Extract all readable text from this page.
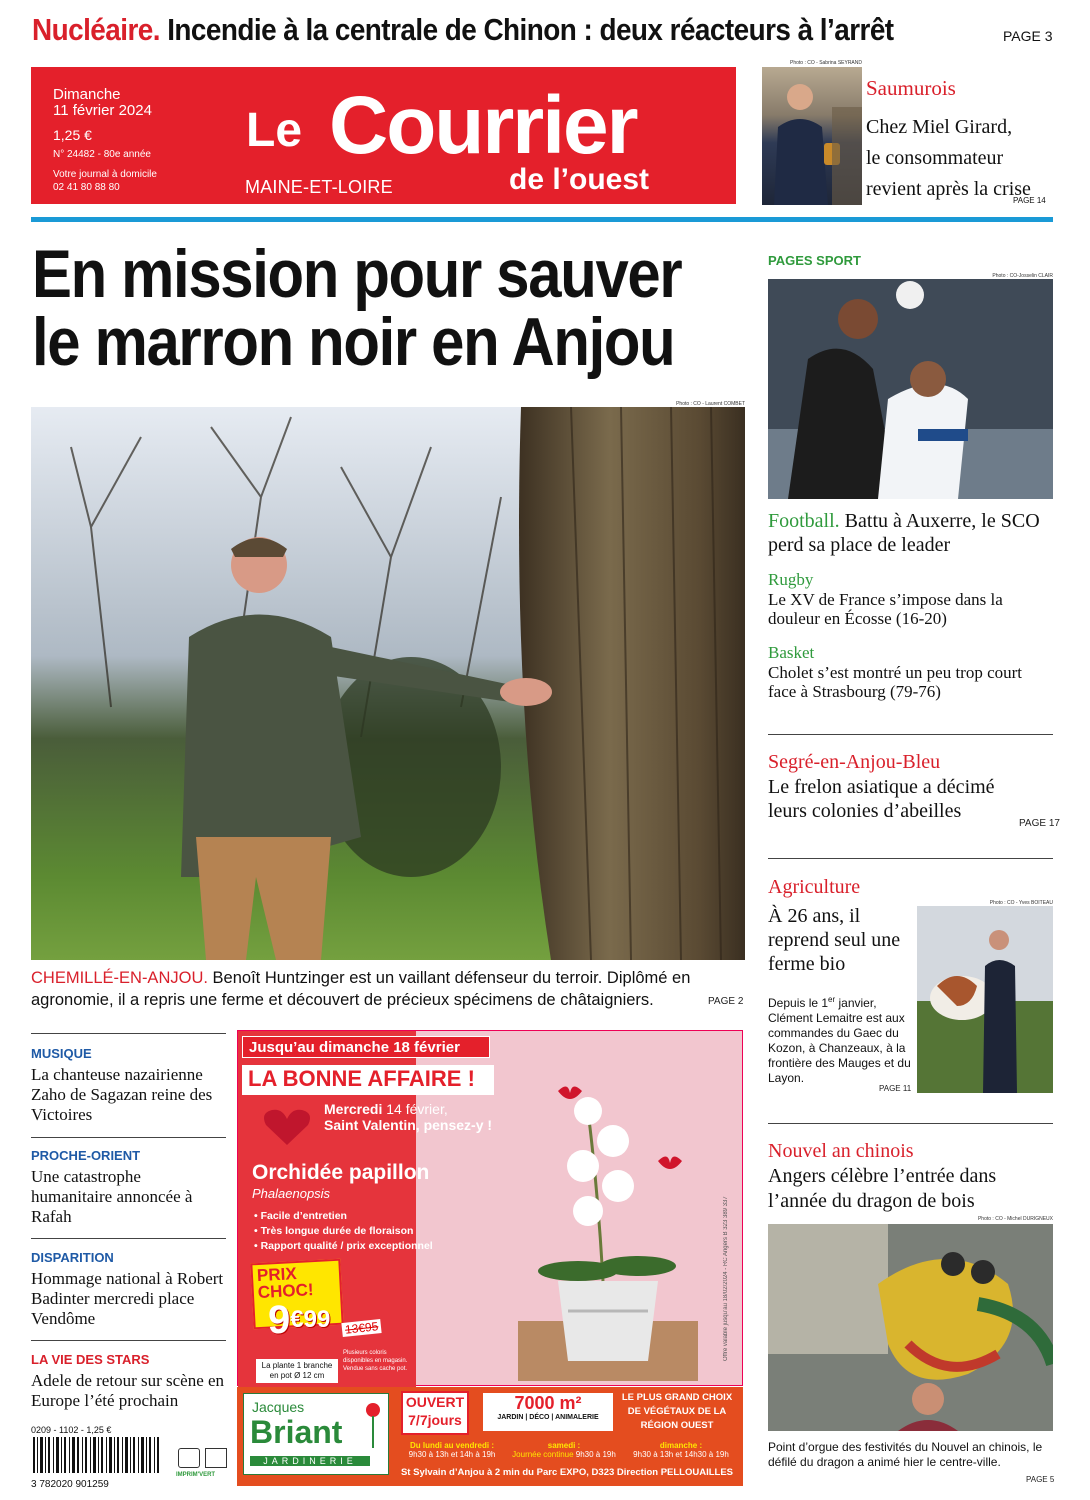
Nucléaire. Incendie à la centrale de Chinon : deux réacteurs à l’arrêt	PAGE 3
Dimanche
11 février 2024
1,25 €
N° 24482 - 80e année
Votre journal à domicile
02 41 80 88 80
Le Courrier
de l’ouest
MAINE-ET-LOIRE
Photo : CO - Sabrina SEYRAND
Saumurois
Chez Miel Girard,
le consommateur
revient après la crise
PAGE 14
En mission pour sauver
le marron noir en Anjou
Photo : CO - Laurent COMBET
CHEMILLÉ-EN-ANJOU. Benoît Huntzinger est un vaillant défenseur du terroir. Diplômé en agronomie, il a repris une ferme et découvert de précieux spécimens de châtaigniers.	PAGE 2
PAGES SPORT
Photo : CO-Josselin CLAIR
Football. Battu à Auxerre, le SCO perd sa place de leader
Rugby
Le XV de France s’impose dans la douleur en Écosse (16-20)
Basket
Cholet s’est montré un peu trop court face à Strasbourg (79-76)
Segré-en-Anjou-Bleu
Le frelon asiatique a décimé leurs colonies d’abeilles
PAGE 17
Agriculture
À 26 ans, il reprend seul une ferme bio
Depuis le 1er janvier, Clément Lemaitre est aux commandes du Gaec du Kozon, à Chanzeaux, à la frontière des Mauges et du Layon.
Photo : CO - Yves BOITEAU
PAGE 11
Nouvel an chinois
Angers célèbre l’entrée dans l’année du dragon de bois
Photo : CO - Michel DURIGNEUX
Point d’orgue des festivités du Nouvel an chinois, le défilé du dragon a animé hier le centre-ville.
PAGE 5
MUSIQUE
La chanteuse nazairienne Zaho de Sagazan reine des Victoires
PROCHE-ORIENT
Une catastrophe humanitaire annoncée à Rafah
DISPARITION
Hommage national à Robert Badinter mercredi place Vendôme
LA VIE DES STARS
Adele de retour sur scène en Europe l’été prochain
0209 - 1102 - 1,25 €
3 782020 901259
IMPRIM'VERT
Jusqu’au dimanche 18 février
LA BONNE AFFAIRE !
Mercredi 14 février,
Saint Valentin, pensez-y !
Orchidée papillon
Phalaenopsis
• Facile d’entretien
• Très longue durée de floraison
• Rapport qualité / prix exceptionnel
PRIX
CHOC!
$9^{€99}$ 13€95
Plusieurs coloris disponibles en magasin. Vendue sans cache pot.
La plante 1 branche en pot Ø 12 cm
Offre valable jusqu’au 18/02/2024 - RC Angers B 323 389 337
Jacques
Briant
JARDINERIE
OUVERT
7/7jours
7000 m²
JARDIN | DÉCO | ANIMALERIE
LE PLUS GRAND CHOIX DE VÉGÉTAUX DE LA RÉGION OUEST
Du lundi au vendredi :
9h30 à 13h et 14h à 19h
samedi :
Journée continue 9h30 à 19h
dimanche :
9h30 à 13h et 14h30 à 19h
St Sylvain d’Anjou à 2 min du Parc EXPO, D323 Direction PELLOUAILLES
